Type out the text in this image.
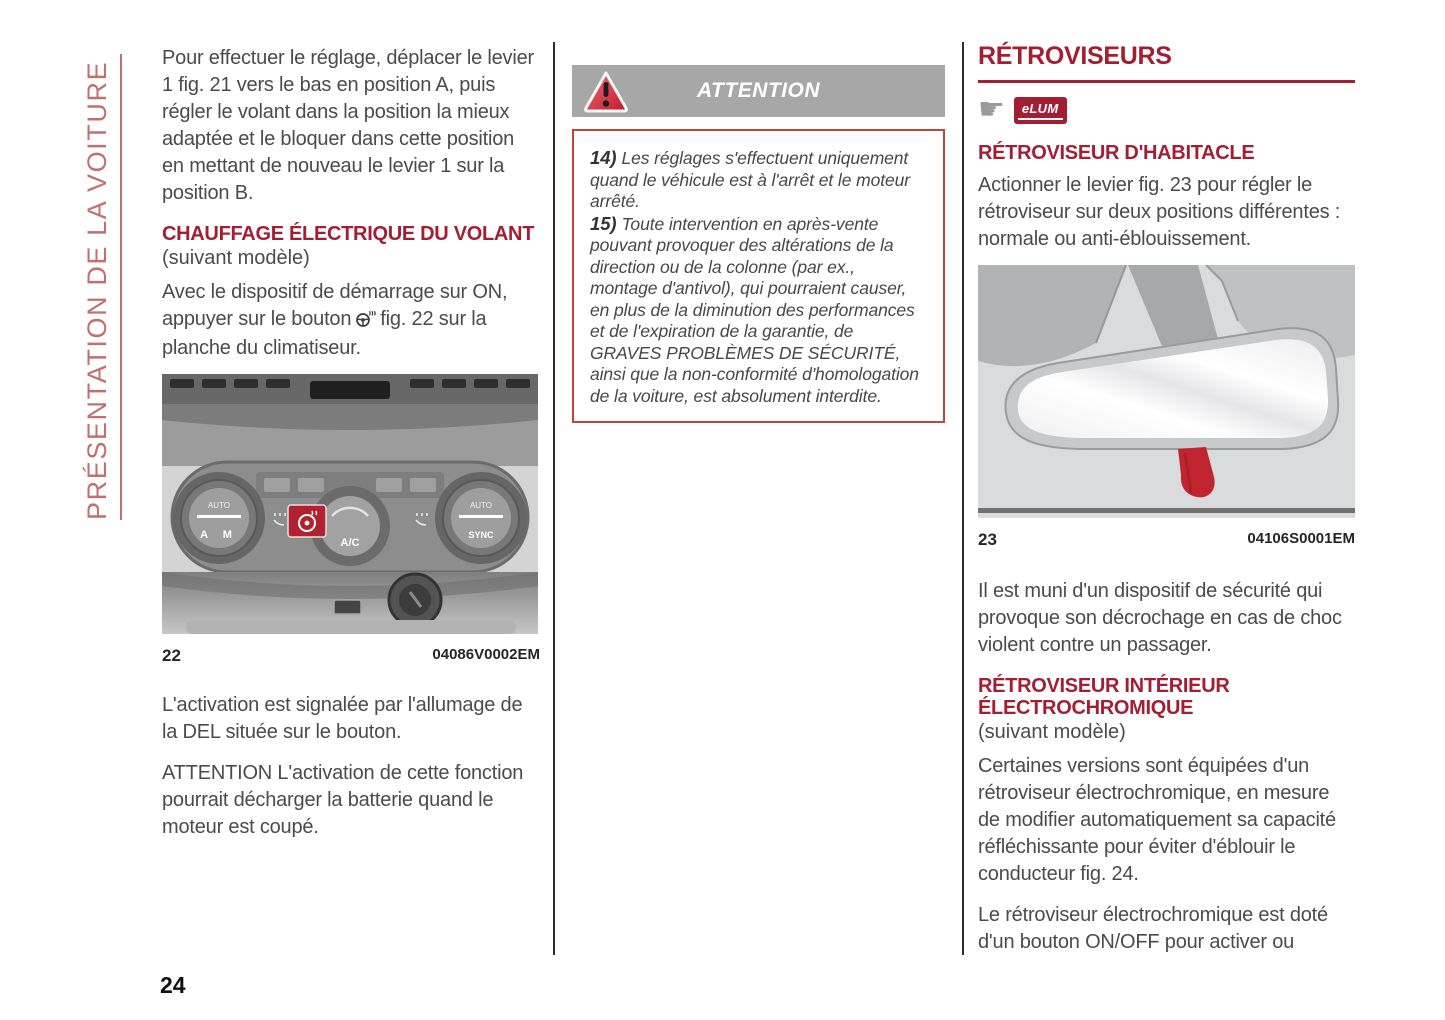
PRÉSENTATION DE LA VOITURE

Pour effectuer le réglage, déplacer le levier 1 fig. 21 vers le bas en position A, puis régler le volant dans la position la mieux adaptée et le bloquer dans cette position en mettant de nouveau le levier 1 sur la position B.

CHAUFFAGE ÉLECTRIQUE DU VOLANT
(suivant modèle)

Avec le dispositif de démarrage sur ON, appuyer sur le bouton fig. 22 sur la planche du climatiseur.

AUTO
A M
AUTO
SYNC
A/C
22	04086V0002EM

L'activation est signalée par l'allumage de la DEL située sur le bouton.

ATTENTION L'activation de cette fonction pourrait décharger la batterie quand le moteur est coupé.

ATTENTION

14) Les réglages s'effectuent uniquement quand le véhicule est à l'arrêt et le moteur arrêté.

15) Toute intervention en après-vente pouvant provoquer des altérations de la direction ou de la colonne (par ex., montage d'antivol), qui pourraient causer, en plus de la diminution des performances et de l'expiration de la garantie, de GRAVES PROBLÈMES DE SÉCURITÉ, ainsi que la non-conformité d'homologation de la voiture, est absolument interdite.

RÉTROVISEURS
☛	eLUM
RÉTROVISEUR D'HABITACLE

Actionner le levier fig. 23 pour régler le rétroviseur sur deux positions différentes : normale ou anti-éblouissement.

23	04106S0001EM

Il est muni d'un dispositif de sécurité qui provoque son décrochage en cas de choc violent contre un passager.

RÉTROVISEUR INTÉRIEUR ÉLECTROCHROMIQUE
(suivant modèle)

Certaines versions sont équipées d'un rétroviseur électrochromique, en mesure de modifier automatiquement sa capacité réfléchissante pour éviter d'éblouir le conducteur fig. 24.

Le rétroviseur électrochromique est doté d'un bouton ON/OFF pour activer ou

24
